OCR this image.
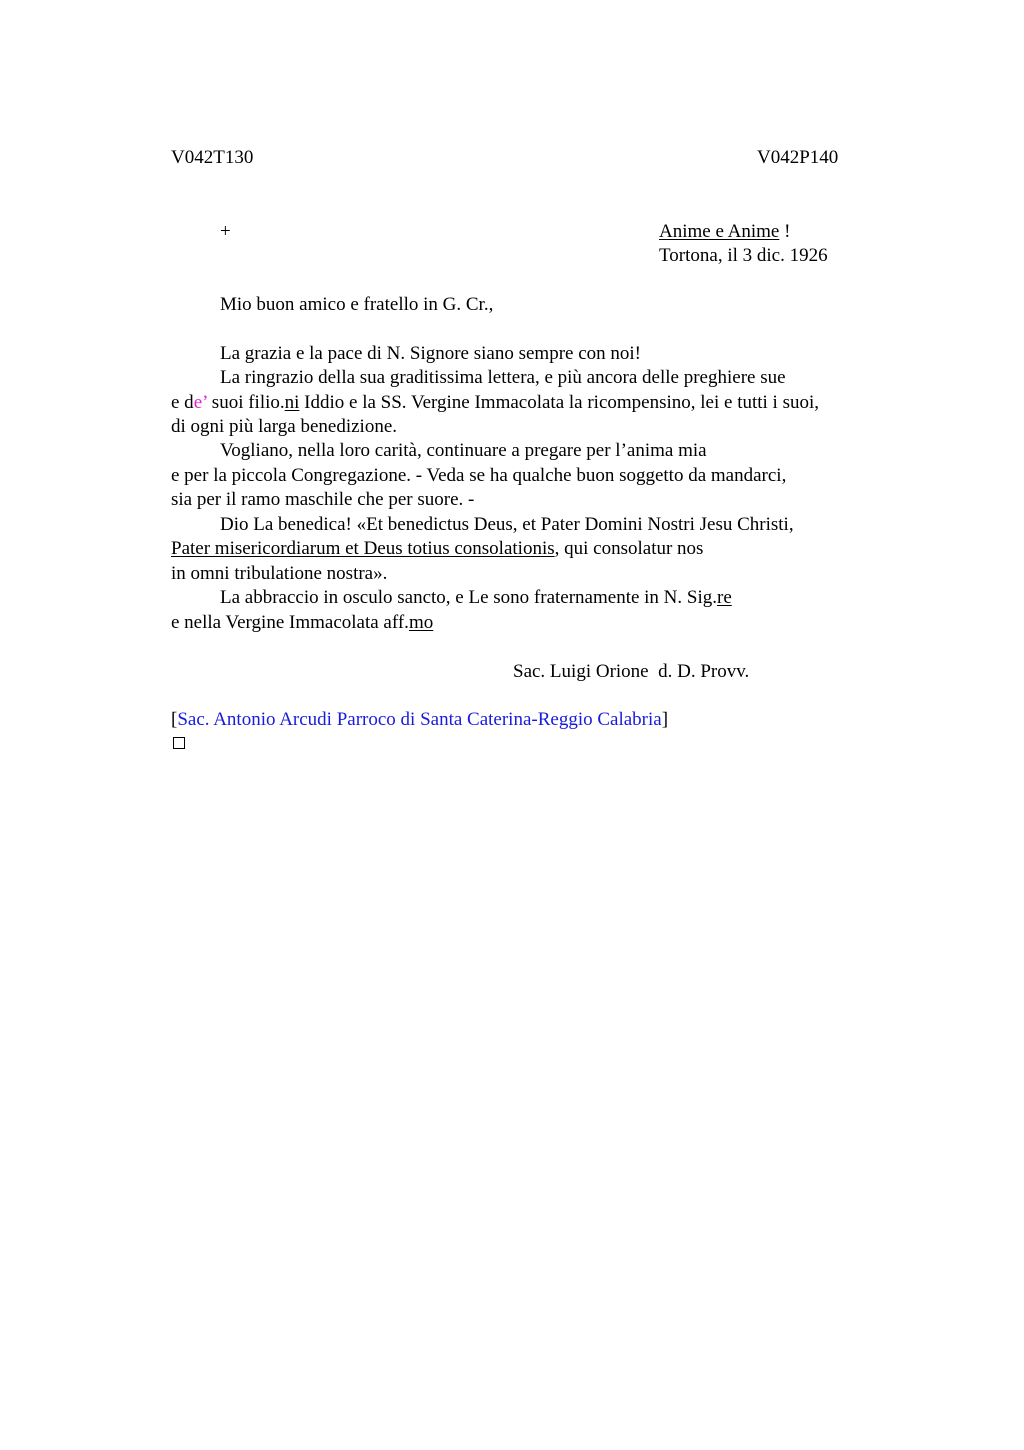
V042T130	V042P140

+	Anime e Anime !

Tortona, il 3 dic. 1926

Mio buon amico e fratello in G. Cr.,

La grazia e la pace di N. Signore siano sempre con noi!

La ringrazio della sua graditissima lettera, e più ancora delle preghiere sue

e de’ suoi filio.ni Iddio e la SS. Vergine Immacolata la ricompensino, lei e tutti i suoi,

di ogni più larga benedizione.

Vogliano, nella loro carità, continuare a pregare per l’anima mia

e per la piccola Congregazione. - Veda se ha qualche buon soggetto da mandarci,

sia per il ramo maschile che per suore. -

Dio La benedica! «Et benedictus Deus, et Pater Domini Nostri Jesu Christi,

Pater misericordiarum et Deus totius consolationis, qui consolatur nos

in omni tribulatione nostra».

La abbraccio in osculo sancto, e Le sono fraternamente in N. Sig.re

e nella Vergine Immacolata aff.mo

Sac. Luigi Orione  d. D. Provv.

[Sac. Antonio Arcudi Parroco di Santa Caterina-Reggio Calabria]
